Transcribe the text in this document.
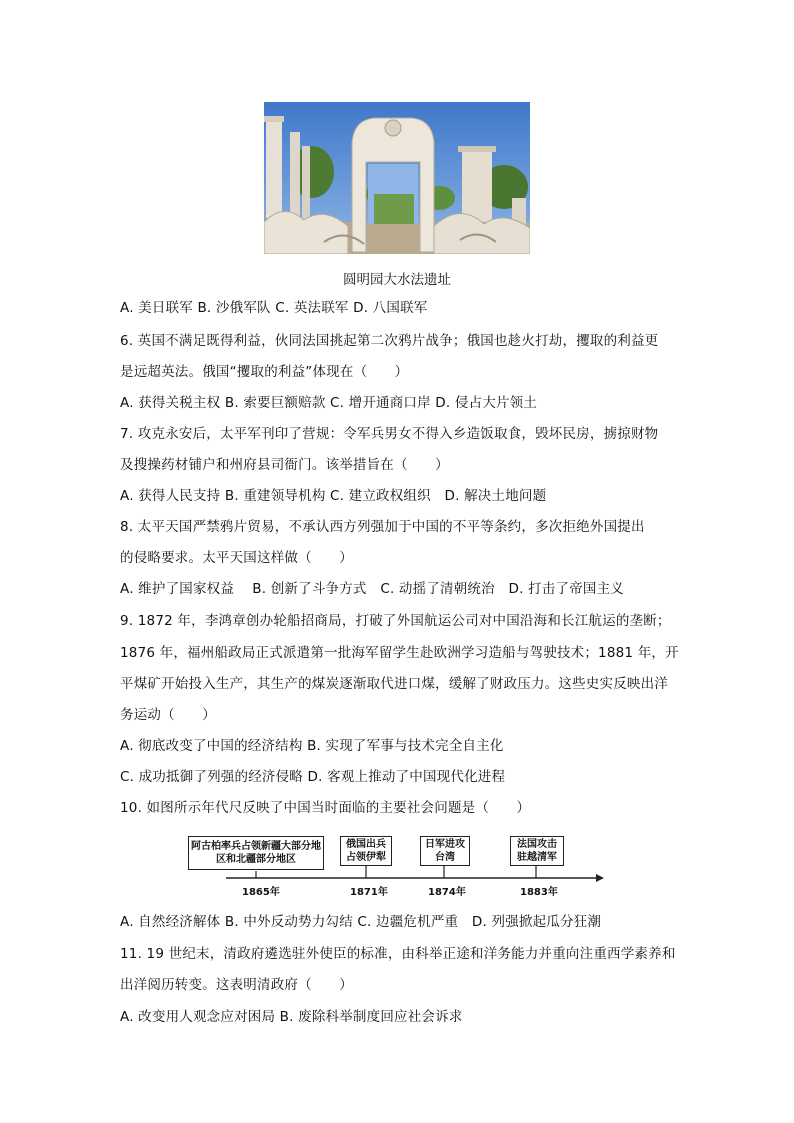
圆明园大水法遗址
A. 美日联军 B. 沙俄军队 C. 英法联军 D. 八国联军
6. 英国不满足既得利益，伙同法国挑起第二次鸦片战争；俄国也趁火打劫，攫取的利益更
是远超英法。俄国“攫取的利益”体现在（　　）
A. 获得关税主权 B. 索要巨额赔款 C. 增开通商口岸 D. 侵占大片领土
7. 攻克永安后，太平军刊印了营规：令军兵男女不得入乡造饭取食，毁坏民房，掳掠财物
及搜操药材铺户和州府县司衙门。该举措旨在（　　）
A. 获得人民支持 B. 重建领导机构 C. 建立政权组织　D. 解决土地问题
8. 太平天国严禁鸦片贸易，不承认西方列强加于中国的不平等条约，多次拒绝外国提出
的侵略要求。太平天国这样做（　　）
A. 维护了国家权益　 B. 创新了斗争方式　C. 动摇了清朝统治　D. 打击了帝国主义
9. 1872 年，李鸿章创办轮船招商局，打破了外国航运公司对中国沿海和长江航运的垄断；
1876 年，福州船政局正式派遣第一批海军留学生赴欧洲学习造船与驾驶技术；1881 年，开
平煤矿开始投入生产，其生产的煤炭逐渐取代进口煤，缓解了财政压力。这些史实反映出洋
务运动（　　）
A. 彻底改变了中国的经济结构 B. 实现了军事与技术完全自主化
C. 成功抵御了列强的经济侵略 D. 客观上推动了中国现代化进程
10. 如图所示年代尺反映了中国当时面临的主要社会问题是（　　）
阿古柏率兵占领新疆大部分地区和北疆部分地区
俄国出兵占领伊犁
日军进攻台湾
法国攻击驻越清军
1865年	1871年	1874年	1883年
A. 自然经济解体 B. 中外反动势力勾结 C. 边疆危机严重　D. 列强掀起瓜分狂潮
11. 19 世纪末，清政府遴选驻外使臣的标准，由科举正途和洋务能力并重向注重西学素养和
出洋阅历转变。这表明清政府（　　）
A. 改变用人观念应对困局 B. 废除科举制度回应社会诉求
